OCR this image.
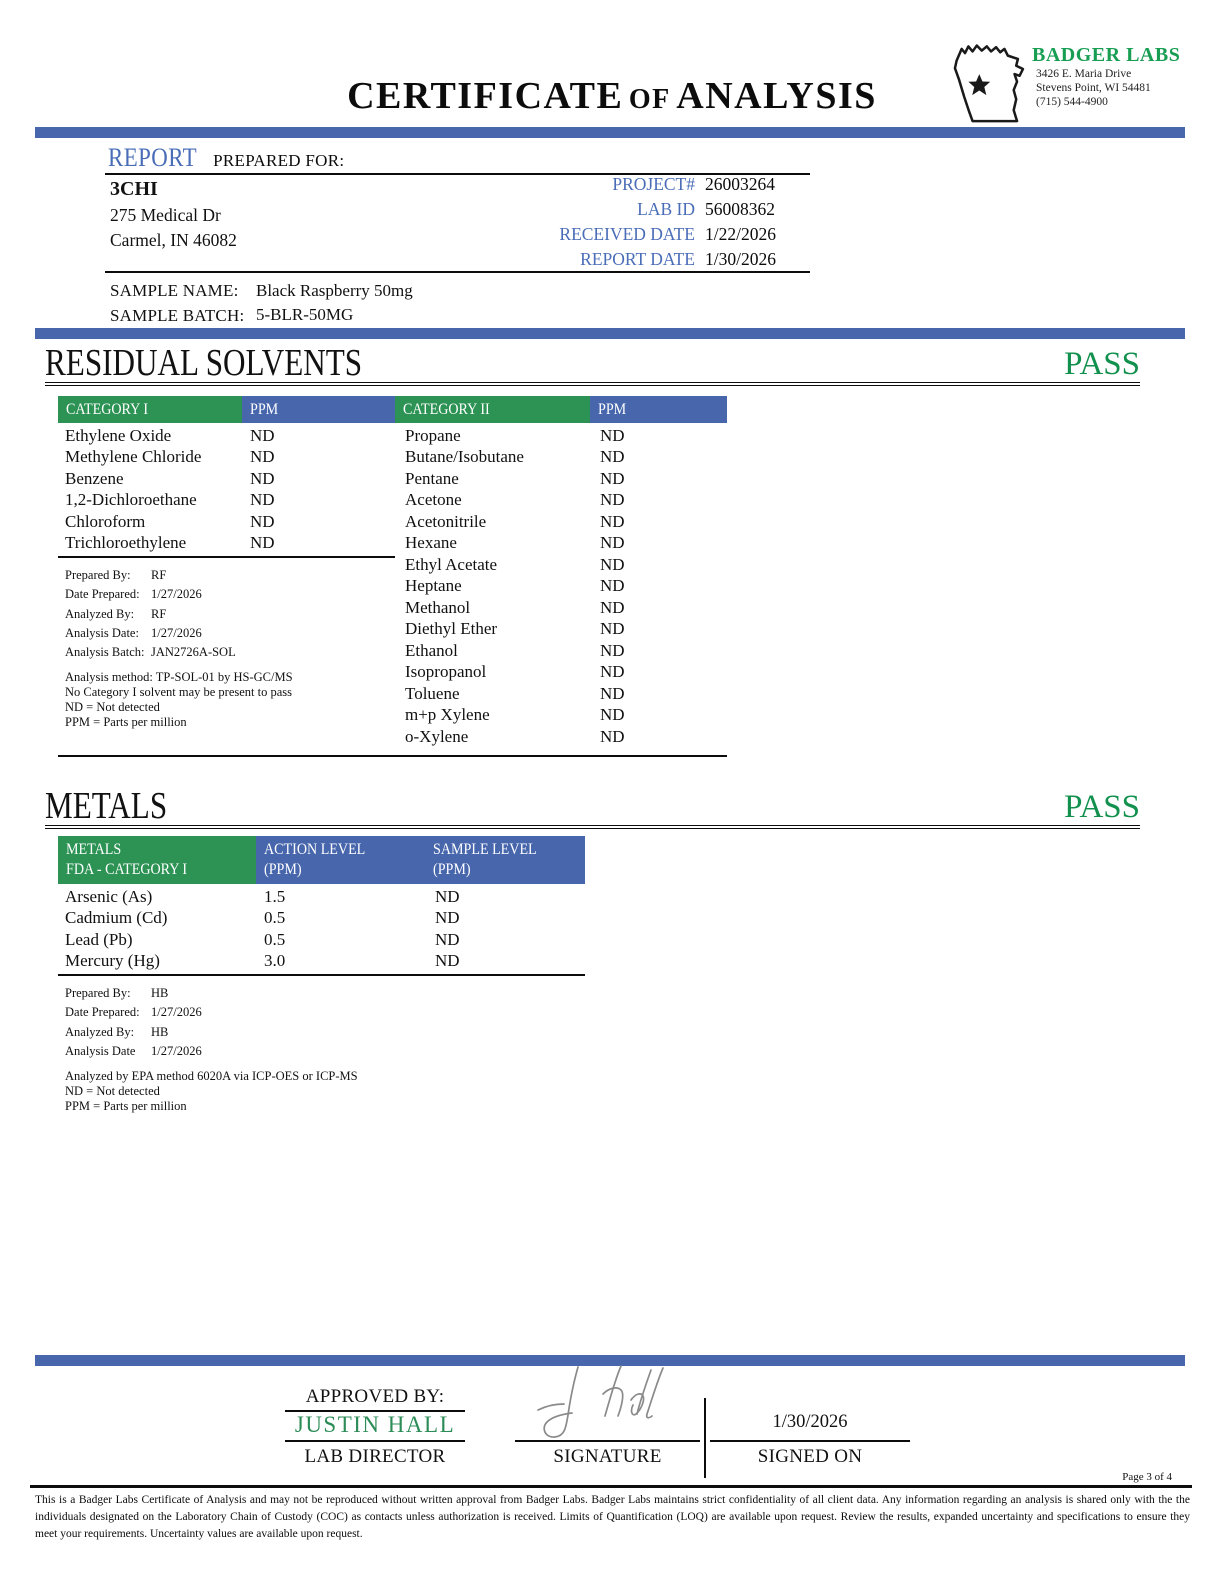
BADGER LABS
3426 E. Maria Drive
Stevens Point, WI 54481
(715) 544-4900
CERTIFICATE OF ANALYSIS
REPORT PREPARED FOR:
3CHI
275 Medical Dr
Carmel, IN 46082
PROJECT# 26003264
LAB ID 56008362
RECEIVED DATE 1/22/2026
REPORT DATE 1/30/2026
SAMPLE NAME: Black Raspberry 50mg
SAMPLE BATCH: 5-BLR-50MG
RESIDUAL SOLVENTS	PASS
CATEGORY I	PPM	CATEGORY II	PPM
Ethylene Oxide	ND
Methylene Chloride	ND
Benzene	ND
1,2-Dichloroethane	ND
Chloroform	ND
Trichloroethylene	ND
Prepared By:	RF
Date Prepared: 1/27/2026
Analyzed By:	RF
Analysis Date: 1/27/2026
Analysis Batch: JAN2726A-SOL
Analysis method: TP-SOL-01 by HS-GC/MS
No Category I solvent may be present to pass
ND = Not detected
PPM = Parts per million
Propane	ND
Butane/Isobutane	ND
Pentane	ND
Acetone	ND
Acetonitrile	ND
Hexane	ND
Ethyl Acetate	ND
Heptane	ND
Methanol	ND
Diethyl Ether	ND
Ethanol	ND
Isopropanol	ND
Toluene	ND
m+p Xylene	ND
o-Xylene	ND
METALS	PASS
METALS
FDA - CATEGORY I
ACTION LEVEL
(PPM)
SAMPLE LEVEL
(PPM)
Arsenic (As)	1.5	ND
Cadmium (Cd)	0.5	ND
Lead (Pb)	0.5	ND
Mercury (Hg)	3.0	ND
Prepared By:	HB
Date Prepared: 1/27/2026
Analyzed By:	HB
Analysis Date	1/27/2026
Analyzed by EPA method 6020A via ICP-OES or ICP-MS
ND = Not detected
PPM = Parts per million
APPROVED BY:
JUSTIN HALL
LAB DIRECTOR	SIGNATURE
1/30/2026
SIGNED ON
Page 3 of 4
This is a Badger Labs Certificate of Analysis and may not be reproduced without written approval from Badger Labs. Badger Labs maintains strict confidentiality of all client data. Any information regarding an analysis is shared only with the the individuals designated on the Laboratory Chain of Custody (COC) as contacts unless authorization is received. Limits of Quantification (LOQ) are available upon request. Review the results, expanded uncertainty and specifications to ensure they meet your requirements. Uncertainty values are available upon request.
